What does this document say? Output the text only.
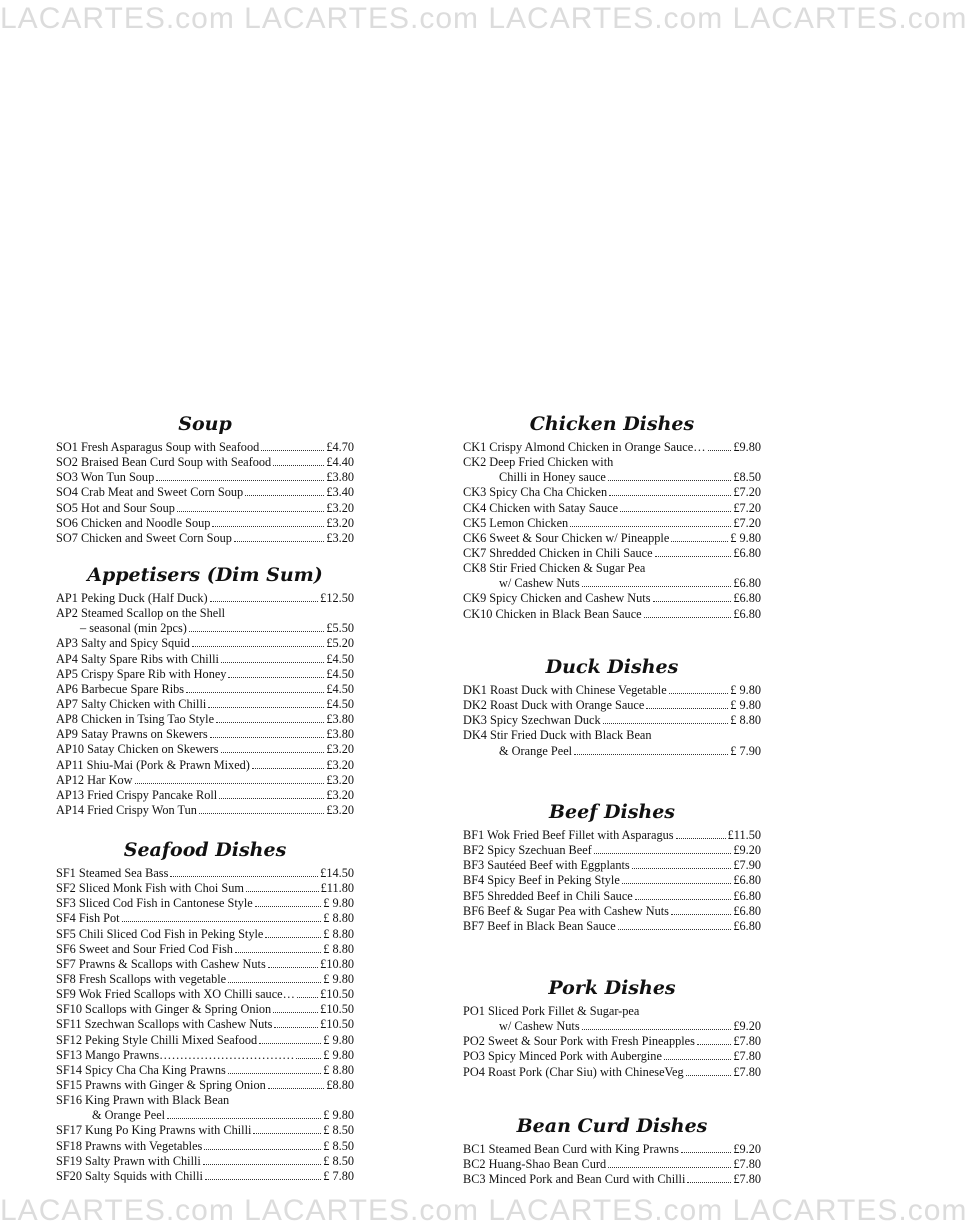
LACARTES.com LACARTES.com LACARTES.com LACARTES.com
LACARTES.com LACARTES.com LACARTES.com LACARTES.com
Soup
SO1 Fresh Asparagus Soup with Seafood	£4.70
SO2 Braised Bean Curd Soup with Seafood	£4.40
SO3 Won Tun Soup	£3.80
SO4 Crab Meat and Sweet Corn Soup	£3.40
SO5 Hot and Sour Soup	£3.20
SO6 Chicken and Noodle Soup	£3.20
SO7 Chicken and Sweet Corn Soup	£3.20
Appetisers (Dim Sum)
AP1 Peking Duck (Half Duck)	£12.50
AP2 Steamed Scallop on the Shell
– seasonal (min 2pcs)	£5.50
AP3 Salty and Spicy Squid	£5.20
AP4 Salty Spare Ribs with Chilli	£4.50
AP5 Crispy Spare Rib with Honey	£4.50
AP6 Barbecue Spare Ribs	£4.50
AP7 Salty Chicken with Chilli	£4.50
AP8 Chicken in Tsing Tao Style	£3.80
AP9 Satay Prawns on Skewers	£3.80
AP10 Satay Chicken on Skewers	£3.20
AP11 Shiu-Mai (Pork & Prawn Mixed)	£3.20
AP12 Har Kow	£3.20
AP13 Fried Crispy Pancake Roll	£3.20
AP14 Fried Crispy Won Tun	£3.20
Seafood Dishes
SF1 Steamed Sea Bass	£14.50
SF2 Sliced Monk Fish with Choi Sum	£11.80
SF3 Sliced Cod Fish in Cantonese Style	£ 9.80
SF4 Fish Pot	£ 8.80
SF5 Chili Sliced Cod Fish in Peking Style	£ 8.80
SF6 Sweet and Sour Fried Cod Fish	£ 8.80
SF7 Prawns & Scallops with Cashew Nuts	£10.80
SF8 Fresh Scallops with vegetable	£ 9.80
SF9 Wok Fried Scallops with XO Chilli sauce… £10.50
SF10 Scallops with Ginger & Spring Onion	£10.50
SF11 Szechwan Scallops with Cashew Nuts	£10.50
SF12 Peking Style Chilli Mixed Seafood	£ 9.80
SF13 Mango Prawns…………………………… £ 9.80
SF14 Spicy Cha Cha King Prawns	£ 8.80
SF15 Prawns with Ginger & Spring Onion	£8.80
SF16 King Prawn with Black Bean
& Orange Peel	£ 9.80
SF17 Kung Po King Prawns with Chilli	£ 8.50
SF18 Prawns with Vegetables	£ 8.50
SF19 Salty Prawn with Chilli	£ 8.50
SF20 Salty Squids with Chilli	£ 7.80
Chicken Dishes
CK1 Crispy Almond Chicken in Orange Sauce… £9.80
CK2 Deep Fried Chicken with
Chilli in Honey sauce	£8.50
CK3 Spicy Cha Cha Chicken	£7.20
CK4 Chicken with Satay Sauce	£7.20
CK5 Lemon Chicken	£7.20
CK6 Sweet & Sour Chicken w/ Pineapple	£ 9.80
CK7 Shredded Chicken in Chili Sauce	£6.80
CK8 Stir Fried Chicken & Sugar Pea
w/ Cashew Nuts	£6.80
CK9 Spicy Chicken and Cashew Nuts	£6.80
CK10 Chicken in Black Bean Sauce	£6.80
Duck Dishes
DK1 Roast Duck with Chinese Vegetable	£ 9.80
DK2 Roast Duck with Orange Sauce	£ 9.80
DK3 Spicy Szechwan Duck	£ 8.80
DK4 Stir Fried Duck with Black Bean
& Orange Peel	£ 7.90
Beef Dishes
BF1 Wok Fried Beef Fillet with Asparagus	£11.50
BF2 Spicy Szechuan Beef	£9.20
BF3 Sautéed Beef with Eggplants	£7.90
BF4 Spicy Beef in Peking Style	£6.80
BF5 Shredded Beef in Chili Sauce	£6.80
BF6 Beef & Sugar Pea with Cashew Nuts	£6.80
BF7 Beef in Black Bean Sauce	£6.80
Pork Dishes
PO1 Sliced Pork Fillet & Sugar-pea
w/ Cashew Nuts	£9.20
PO2 Sweet & Sour Pork with Fresh Pineapples	£7.80
PO3 Spicy Minced Pork with Aubergine	£7.80
PO4 Roast Pork (Char Siu) with ChineseVeg	£7.80
Bean Curd Dishes
BC1 Steamed Bean Curd with King Prawns	£9.20
BC2 Huang-Shao Bean Curd	£7.80
BC3 Minced Pork and Bean Curd with Chilli	£7.80
